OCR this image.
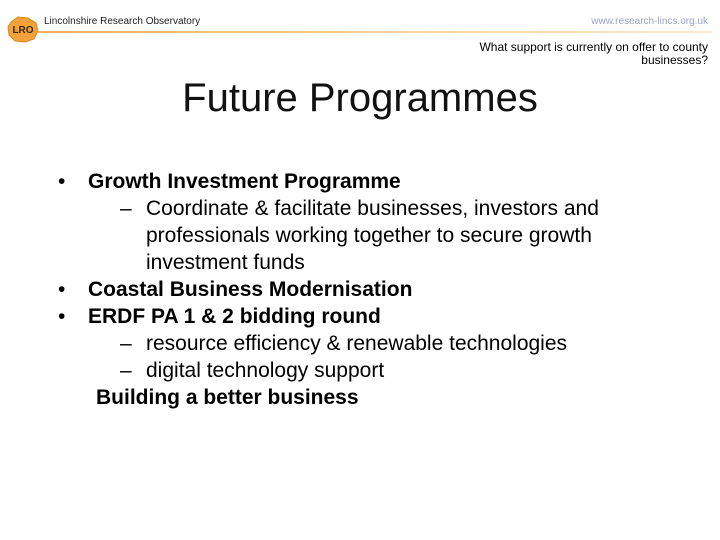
LRO
Lincolnshire Research Observatory	www.research-lincs.org.uk
What support is currently on offer to county
businesses?
Future Programmes
• Growth Investment Programme
– Coordinate & facilitate businesses, investors and professionals working together to secure growth investment funds
• Coastal Business Modernisation
• ERDF PA 1 & 2 bidding round
– resource efficiency & renewable technologies
– digital technology support
Building a better business
